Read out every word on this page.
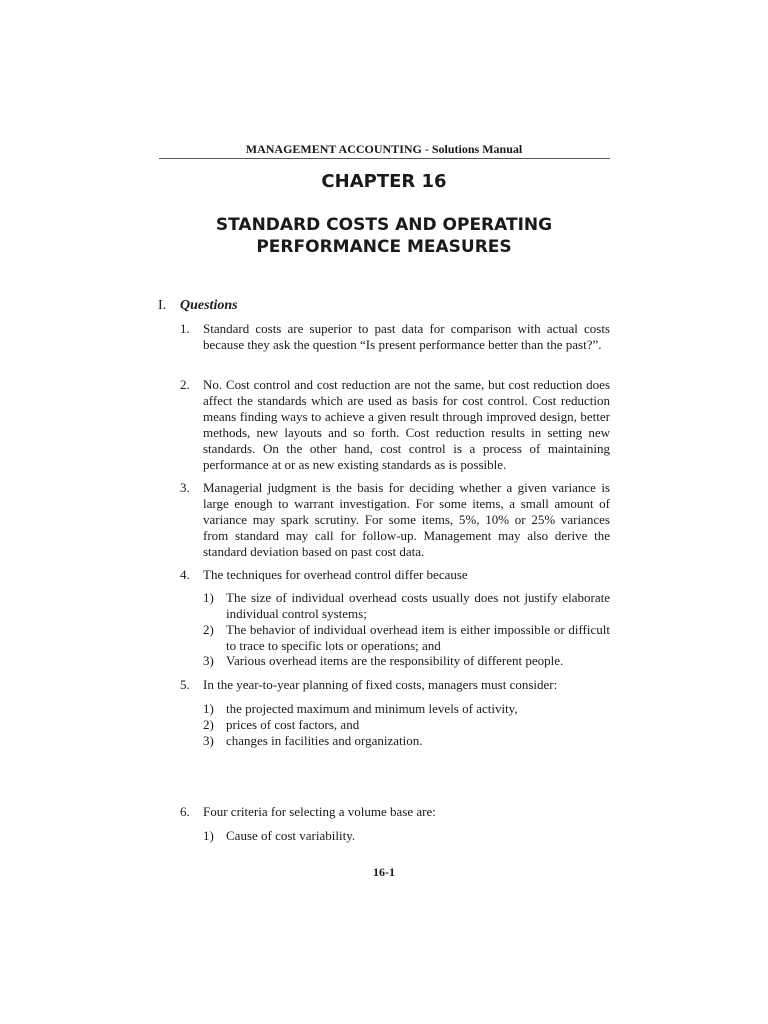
MANAGEMENT ACCOUNTING - Solutions Manual
CHAPTER 16
STANDARD COSTS AND OPERATING PERFORMANCE MEASURES
I. Questions
1.	Standard costs are superior to past data for comparison with actual costs because they ask the question “Is present performance better than the past?”.
2.	No. Cost control and cost reduction are not the same, but cost reduction does affect the standards which are used as basis for cost control. Cost reduction means finding ways to achieve a given result through improved design, better methods, new layouts and so forth. Cost reduction results in setting new standards. On the other hand, cost control is a process of maintaining performance at or as new existing standards as is possible.
3.	Managerial judgment is the basis for deciding whether a given variance is large enough to warrant investigation. For some items, a small amount of variance may spark scrutiny. For some items, 5%, 10% or 25% variances from standard may call for follow-up. Management may also derive the standard deviation based on past cost data.
4.	The techniques for overhead control differ because
1) The size of individual overhead costs usually does not justify elaborate individual control systems;
2) The behavior of individual overhead item is either impossible or difficult to trace to specific lots or operations; and
3) Various overhead items are the responsibility of different people.
5.	In the year-to-year planning of fixed costs, managers must consider:
1) the projected maximum and minimum levels of activity,
2) prices of cost factors, and
3) changes in facilities and organization.
6.	Four criteria for selecting a volume base are:
1) Cause of cost variability.
16-1
